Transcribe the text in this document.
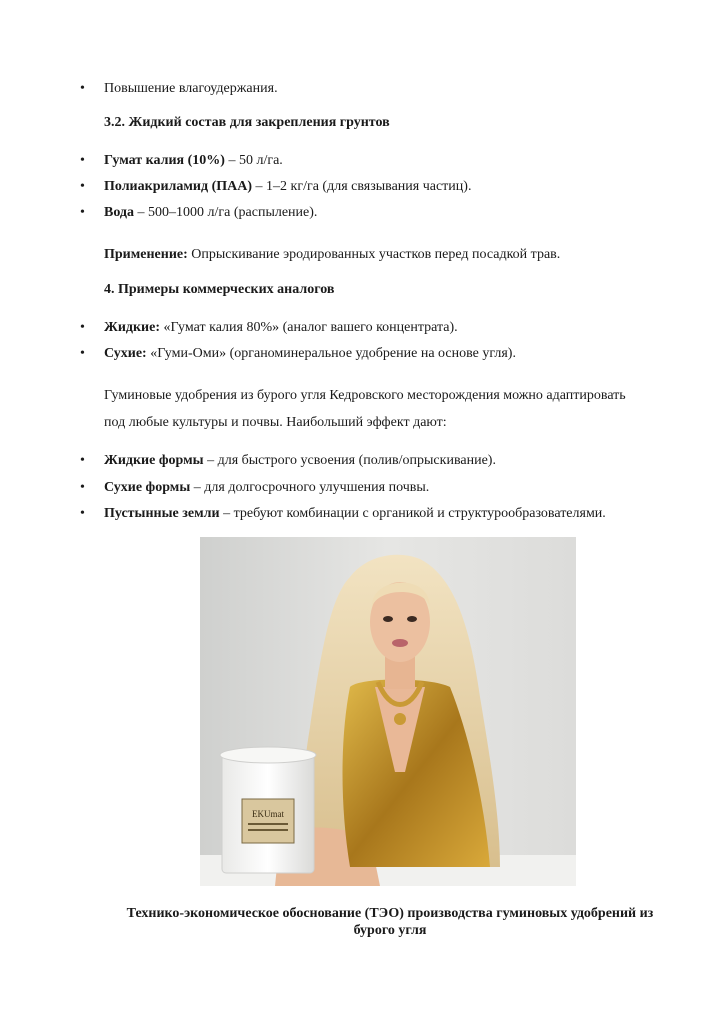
• Повышение влагоудержания.
3.2. Жидкий состав для закрепления грунтов
• Гумат калия (10%) – 50 л/га.
• Полиакриламид (ПАА) – 1–2 кг/га (для связывания частиц).
• Вода – 500–1000 л/га (распыление).
Применение: Опрыскивание эродированных участков перед посадкой трав.
4. Примеры коммерческих аналогов
• Жидкие: «Гумат калия 80%» (аналог вашего концентрата).
• Сухие: «Гуми-Оми» (органоминеральное удобрение на основе угля).
Гуминовые удобрения из бурого угля Кедровского месторождения можно адаптировать
под любые культуры и почвы. Наибольший эффект дают:
• Жидкие формы – для быстрого усвоения (полив/опрыскивание).
• Сухие формы – для долгосрочного улучшения почвы.
• Пустынные земли – требуют комбинации с органикой и структурообразователями.
EKUmat
Технико-экономическое обоснование (ТЭО) производства гуминовых удобрений из
бурого угля
